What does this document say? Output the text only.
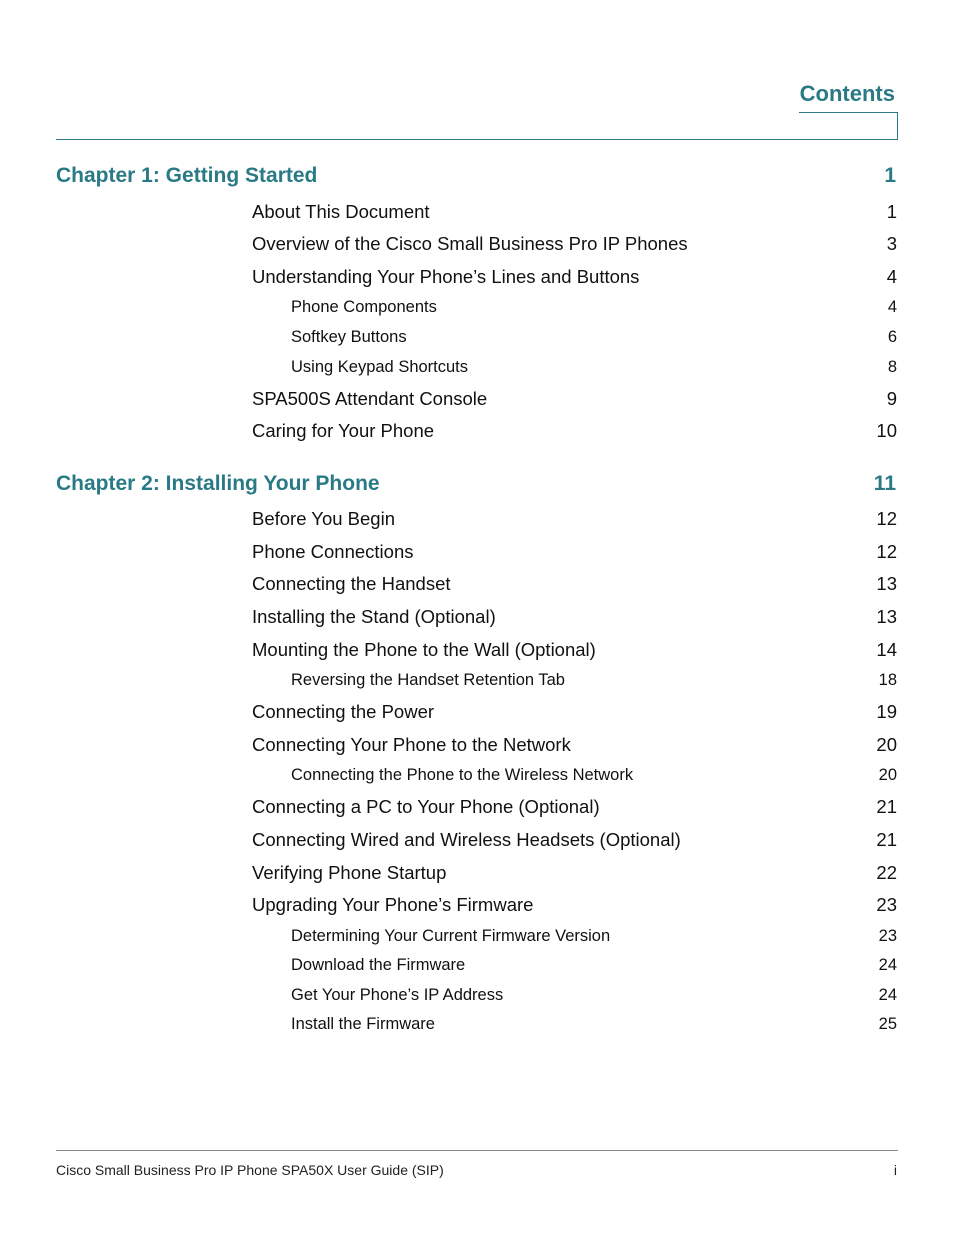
Contents
Chapter 1: Getting Started	1
About This Document	1
Overview of the Cisco Small Business Pro IP Phones	3
Understanding Your Phone’s Lines and Buttons	4
Phone Components	4
Softkey Buttons	6
Using Keypad Shortcuts	8
SPA500S Attendant Console	9
Caring for Your Phone	10
Chapter 2: Installing Your Phone	11
Before You Begin	12
Phone Connections	12
Connecting the Handset	13
Installing the Stand (Optional)	13
Mounting the Phone to the Wall (Optional)	14
Reversing the Handset Retention Tab	18
Connecting the Power	19
Connecting Your Phone to the Network	20
Connecting the Phone to the Wireless Network	20
Connecting a PC to Your Phone (Optional)	21
Connecting Wired and Wireless Headsets (Optional)	21
Verifying Phone Startup	22
Upgrading Your Phone’s Firmware	23
Determining Your Current Firmware Version	23
Download the Firmware	24
Get Your Phone’s IP Address	24
Install the Firmware	25
Cisco Small Business Pro IP Phone SPA50X User Guide (SIP)	i
